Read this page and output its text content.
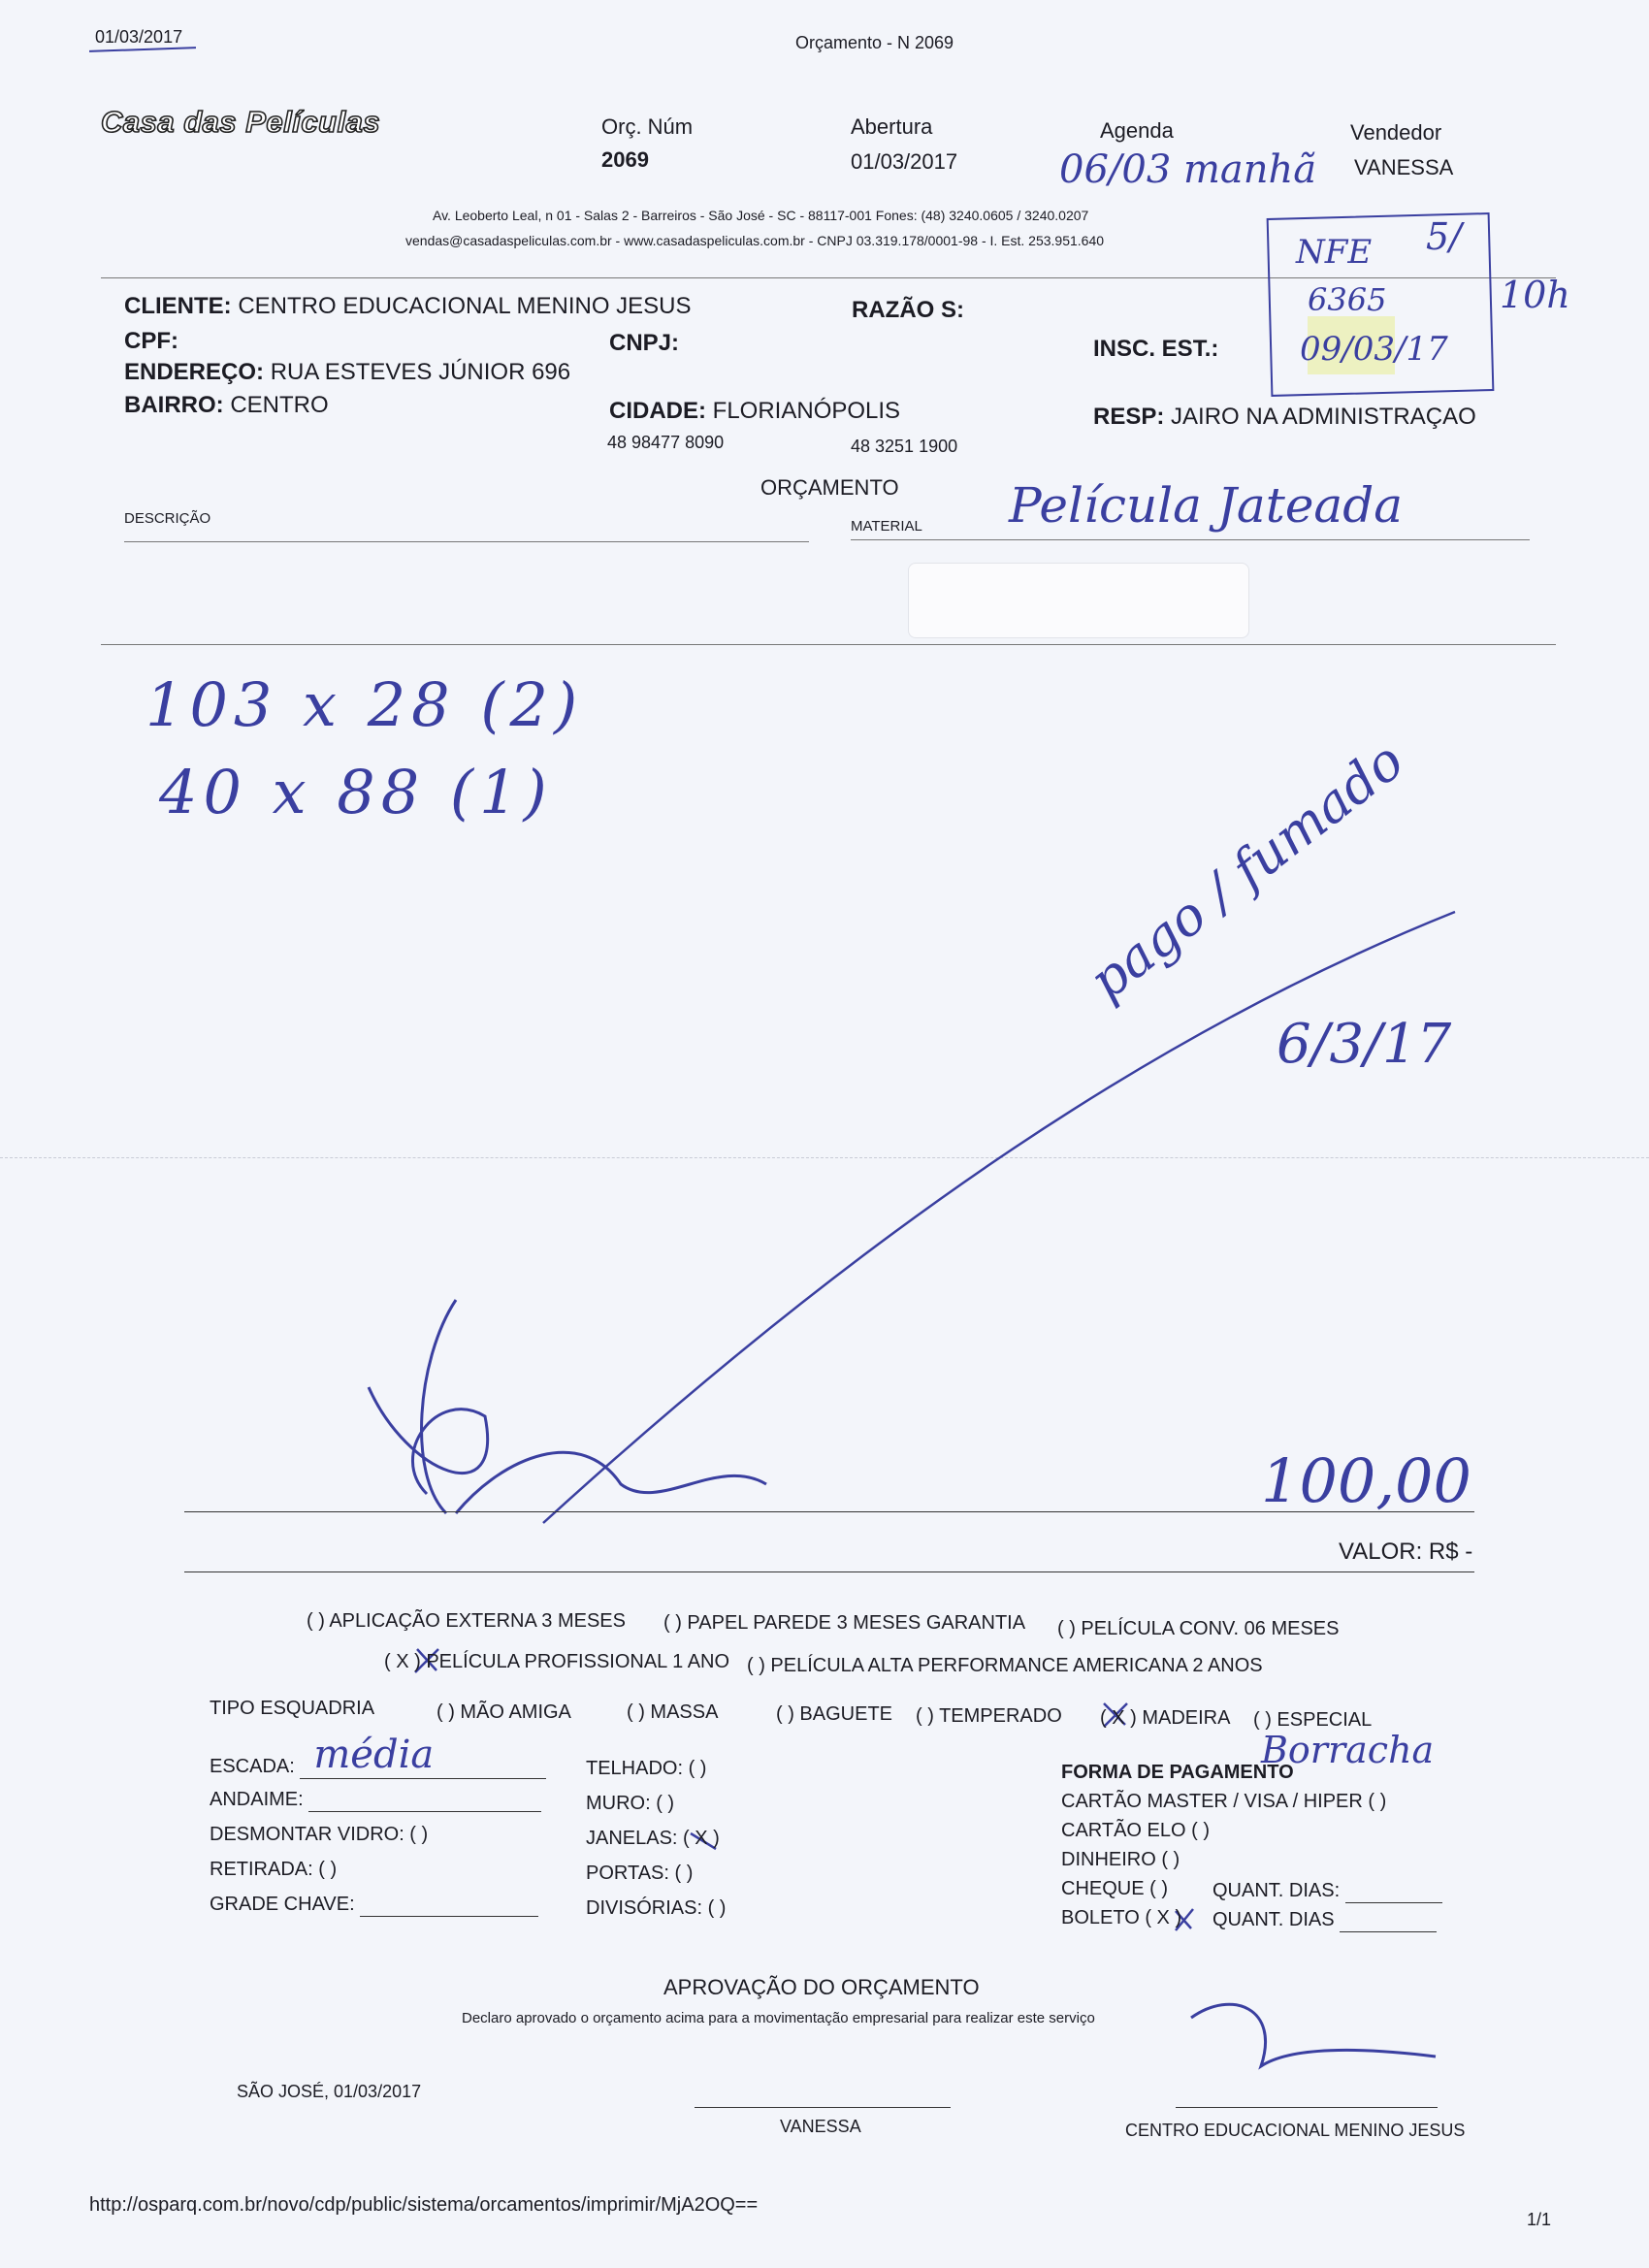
01/03/2017	Orçamento - N 2069
Casa das Películas	Orç. Núm
2069
Abertura
01/03/2017
Agenda
06/03 manhã
Vendedor
VANESSA
Av. Leoberto Leal, n 01 - Salas 2 - Barreiros - São José - SC - 88117-001 Fones: (48) 3240.0605 / 3240.0207
vendas@casadaspeliculas.com.br - www.casadaspeliculas.com.br - CNPJ 03.319.178/0001-98 - I. Est. 253.951.640	NFE
6365
09/03/17
5/
10h
CLIENTE: CENTRO EDUCACIONAL MENINO JESUS	RAZÃO S:
CPF:	CNPJ:	INSC. EST.:
ENDEREÇO: RUA ESTEVES JÚNIOR 696
BAIRRO: CENTRO	CIDADE: FLORIANÓPOLIS	RESP: JAIRO NA ADMINISTRAÇAO
48 98477 8090	48 3251 1900
ORÇAMENTO
DESCRIÇÃO	MATERIAL Película Jateada
103 x 28 (2)
40 x 88 (1)	pago / fumado
6/3/17
100,00
VALOR: R$ -
( ) APLICAÇÃO EXTERNA 3 MESES ( ) PAPEL PAREDE 3 MESES GARANTIA ( ) PELÍCULA CONV. 06 MESES
( X ) PELÍCULA PROFISSIONAL 1 ANO ( ) PELÍCULA ALTA PERFORMANCE AMERICANA 2 ANOS
TIPO ESQUADRIA	( ) MÃO AMIGA	( ) MASSA	( ) BAGUETE ( ) TEMPERADO ( X ) MADEIRA ( ) ESPECIAL
Borracha
ESCADA: média

ANDAIME:
DESMONTAR VIDRO: ( )
RETIRADA: ( )
GRADE CHAVE:
TELHADO: ( )
MURO: ( )
JANELAS: ( X )
PORTAS: ( )
DIVISÓRIAS: ( )
FORMA DE PAGAMENTO
CARTÃO MASTER / VISA / HIPER ( )
CARTÃO ELO ( )
DINHEIRO ( )
CHEQUE ( ) QUANT. DIAS:
BOLETO ( X ) QUANT. DIAS
APROVAÇÃO DO ORÇAMENTO
Declaro aprovado o orçamento acima para a movimentação empresarial para realizar este serviço
SÃO JOSÉ, 01/03/2017
VANESSA	CENTRO EDUCACIONAL MENINO JESUS
http://osparq.com.br/novo/cdp/public/sistema/orcamentos/imprimir/MjA2OQ==
1/1
